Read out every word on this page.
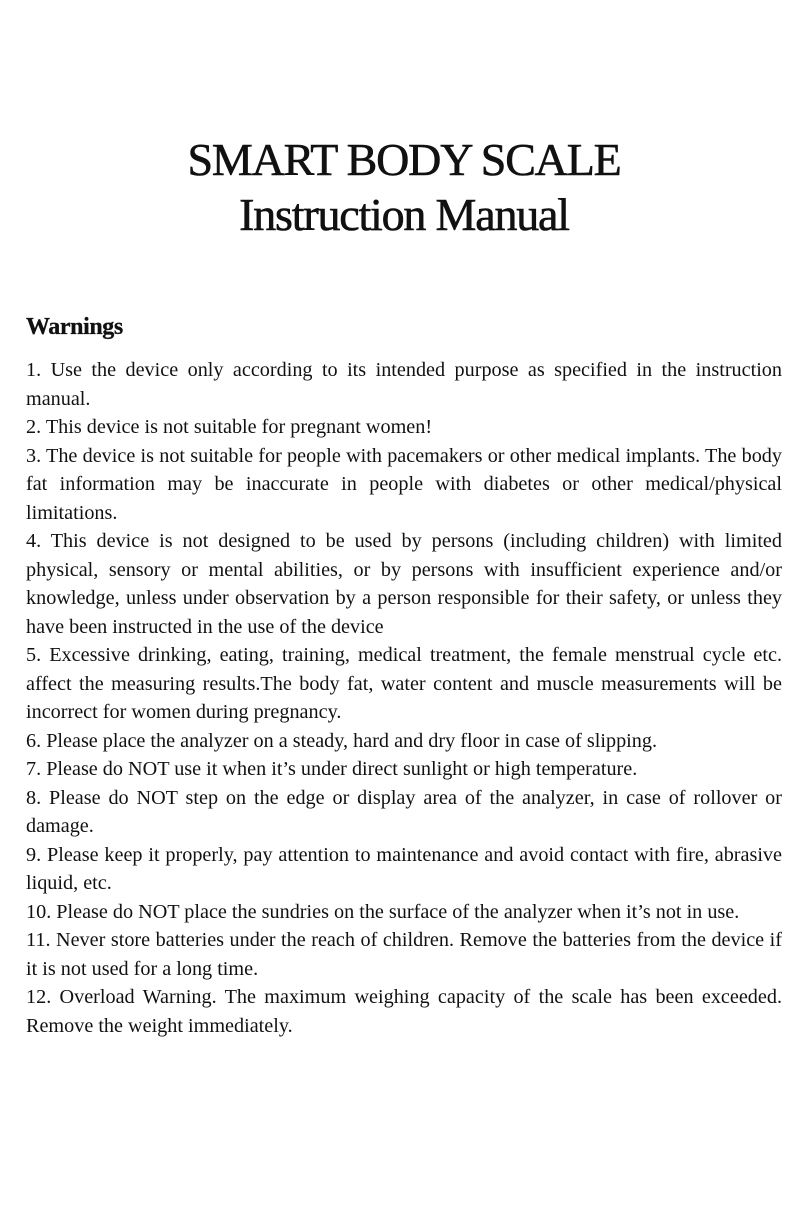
SMART BODY SCALE
Instruction Manual
Warnings
1. Use the device only according to its intended purpose as specified in the instruction manual.
2. This device is not suitable for pregnant women!
3. The device is not suitable for people with pacemakers or other medical implants. The body fat information may be inaccurate in people with diabetes or other medical/physical limitations.
4. This device is not designed to be used by persons (including children) with limited physical, sensory or mental abilities, or by persons with insufficient experience and/or knowledge, unless under observation by a person responsible for their safety, or unless they have been instructed in the use of the device
5. Excessive drinking, eating, training, medical treatment, the female menstrual cycle etc. affect the measuring results.The body fat, water content and muscle measurements will be incorrect for women during pregnancy.
6. Please place the analyzer on a steady, hard and dry floor in case of slipping.
7. Please do NOT use it when it’s under direct sunlight or high temperature.
8. Please do NOT step on the edge or display area of the analyzer, in case of rollover or damage.
9. Please keep it properly, pay attention to maintenance and avoid contact with fire, abrasive liquid, etc.
10. Please do NOT place the sundries on the surface of the analyzer when it’s not in use.
11. Never store batteries under the reach of children. Remove the batteries from the device if it is not used for a long time.
12. Overload Warning. The maximum weighing capacity of the scale has been exceeded. Remove the weight immediately.
